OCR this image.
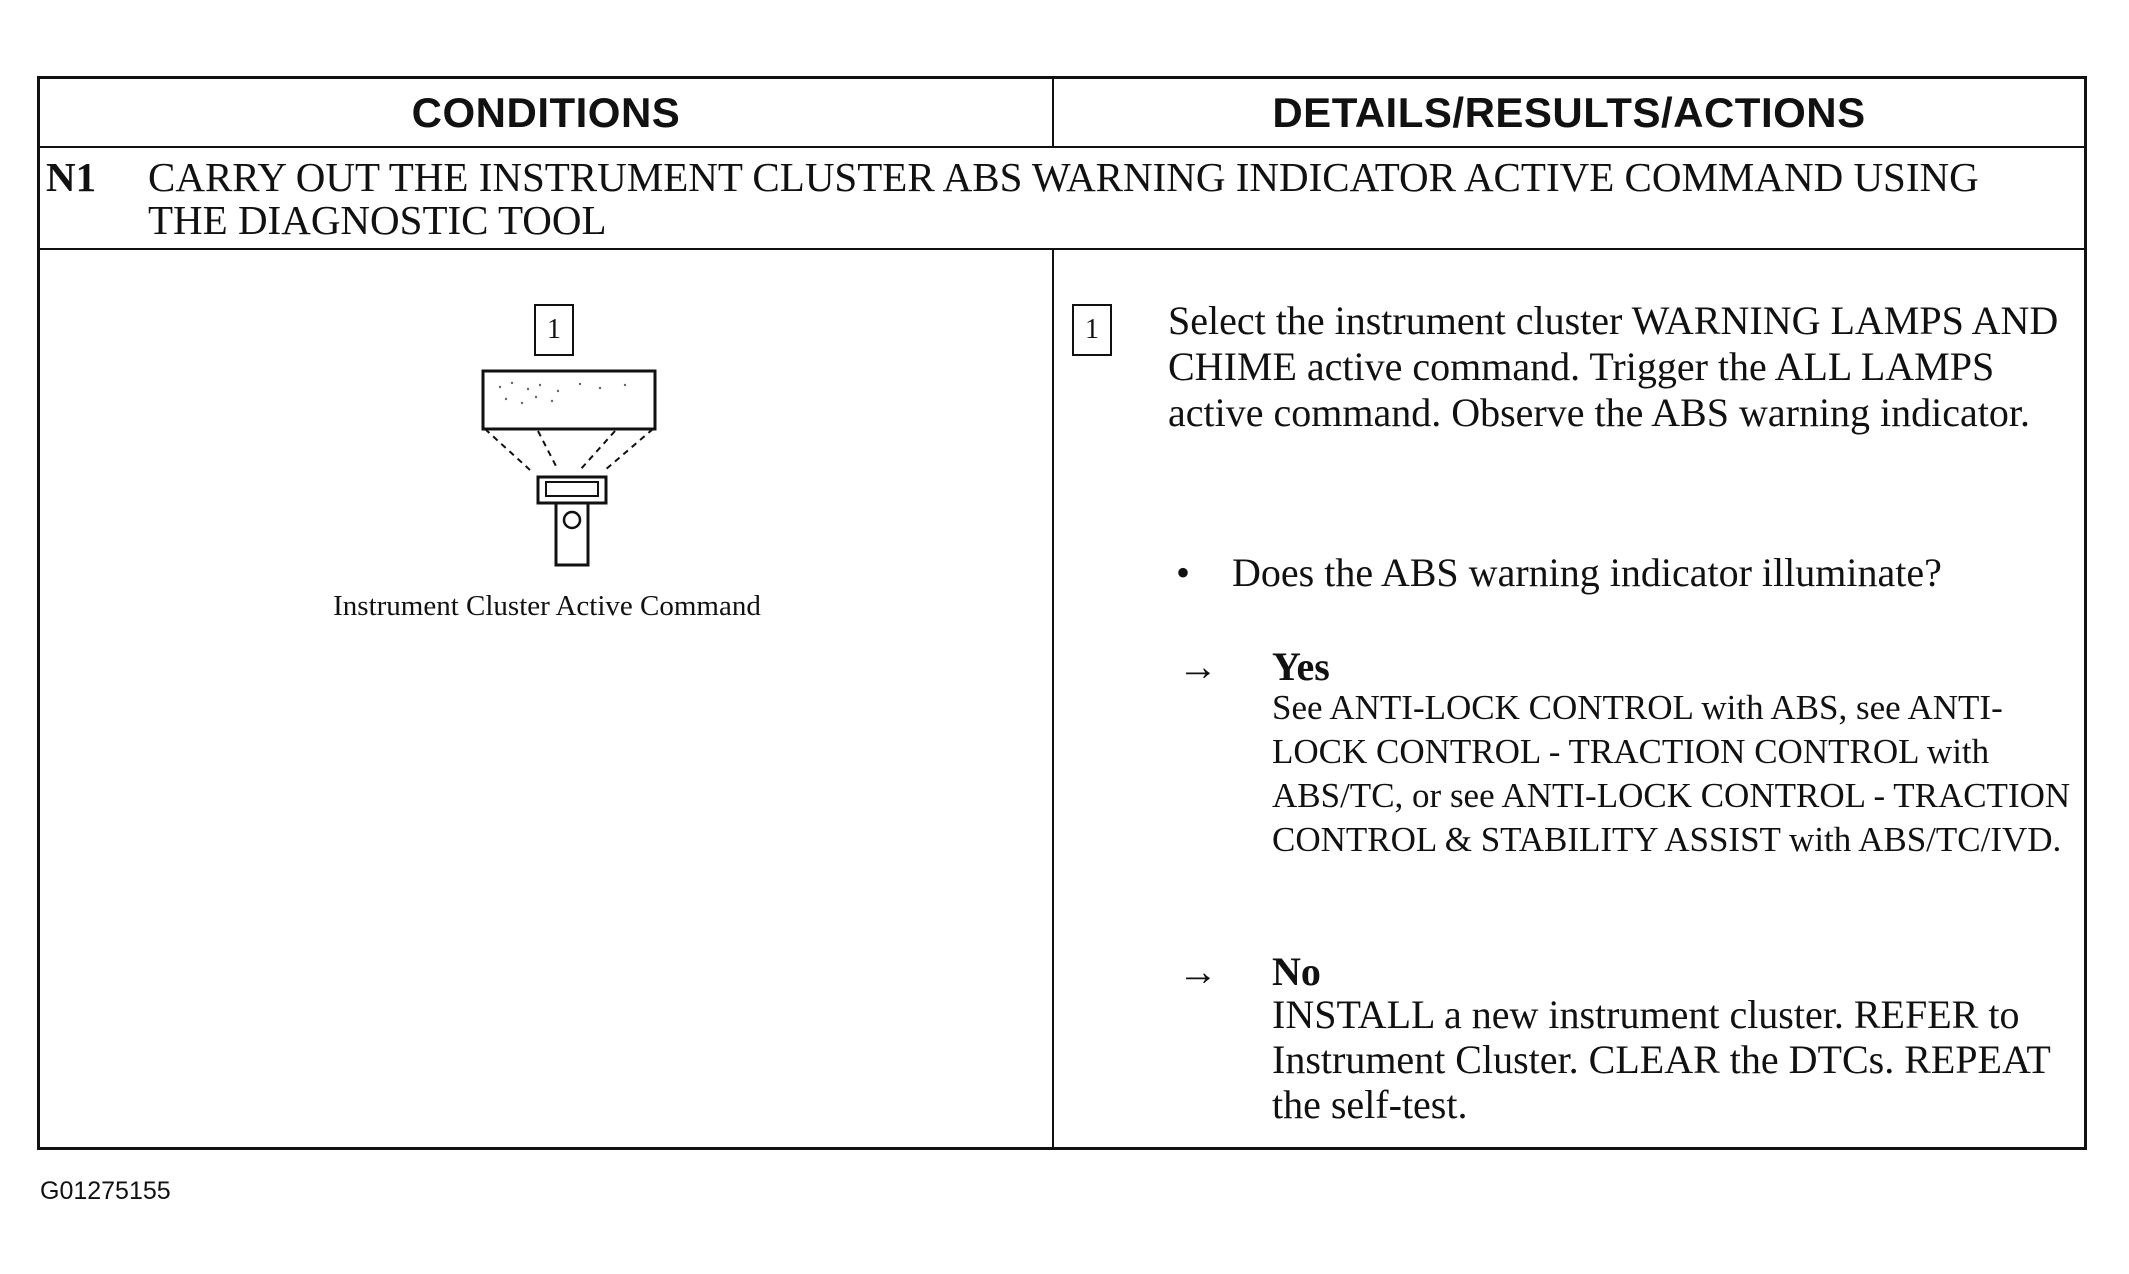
CONDITIONS	DETAILS/RESULTS/ACTIONS
N1 CARRY OUT THE INSTRUMENT CLUSTER ABS WARNING INDICATOR ACTIVE COMMAND USING THE DIAGNOSTIC TOOL
1
Instrument Cluster Active Command
1	Select the instrument cluster WARNING LAMPS AND CHIME active command. Trigger the ALL LAMPS active command. Observe the ABS warning indicator.
• Does the ABS warning indicator illuminate?
→ Yes
See ANTI-LOCK CONTROL with ABS, see ANTI- LOCK CONTROL - TRACTION CONTROL with ABS/TC, or see ANTI-LOCK CONTROL - TRACTION CONTROL & STABILITY ASSIST with ABS/TC/IVD.
→ No
INSTALL a new instrument cluster. REFER to Instrument Cluster. CLEAR the DTCs. REPEAT the self-test.
G01275155
